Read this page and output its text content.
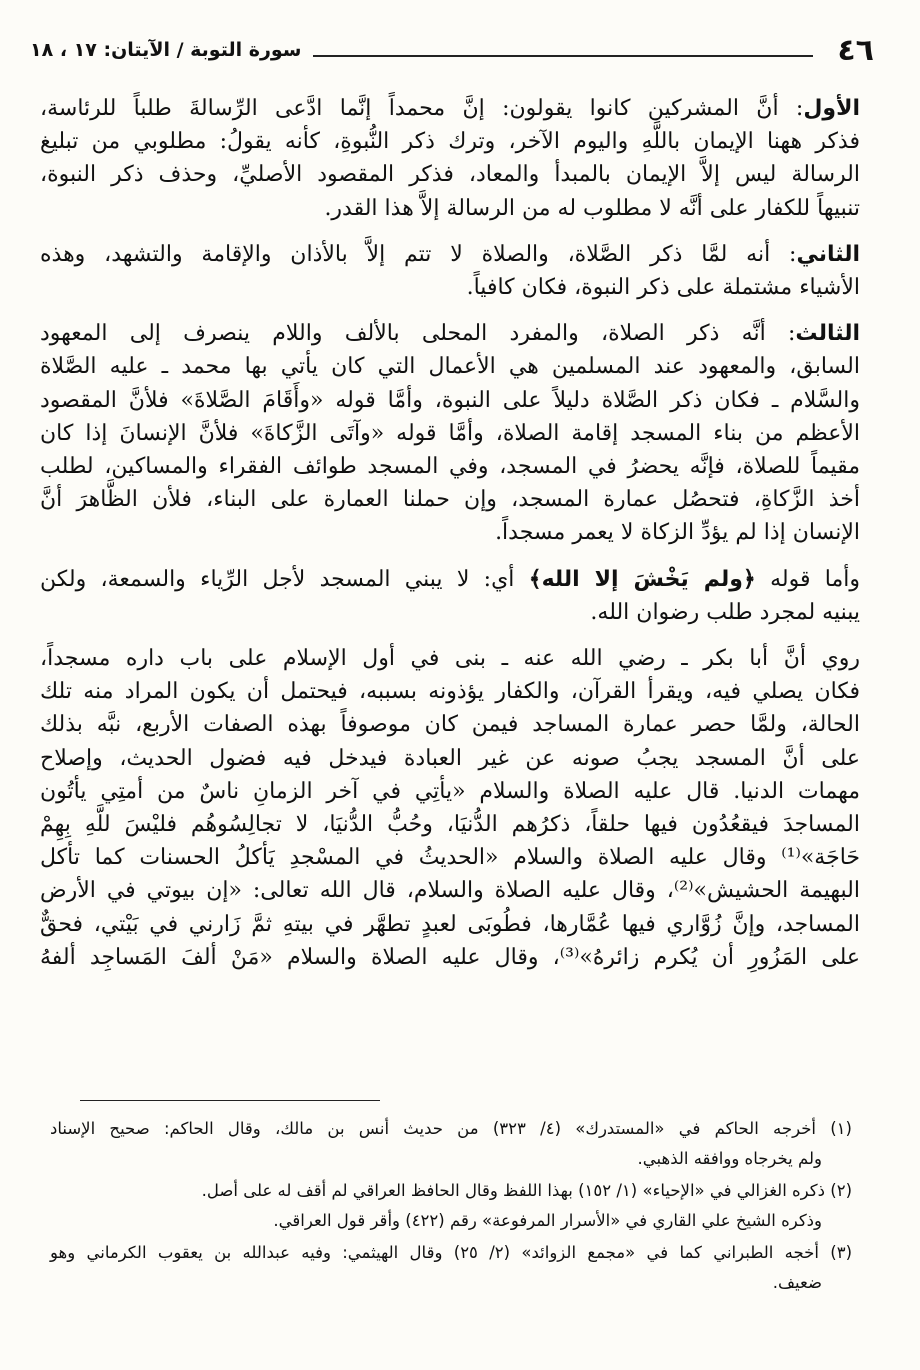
٤٦
سورة التوبة / الآيتان: ١٧ ، ١٨
الأول: أنَّ المشركين كانوا يقولون: إنَّ محمداً إنَّما ادَّعى الرِّسالةَ طلباً للرئاسة،
فذكر ههنا الإيمان باللَّهِ واليوم الآخر، وترك ذكر النُّبوةِ، كأنه يقولُ: مطلوبي من تبليغ
الرسالة ليس إلاَّ الإيمان بالمبدأ والمعاد، فذكر المقصود الأصليِّ، وحذف ذكر النبوة،
تنبيهاً للكفار على أنَّه لا مطلوب له من الرسالة إلاَّ هذا القدر.
الثاني: أنه لمَّا ذكر الصَّلاة، والصلاة لا تتم إلاَّ بالأذان والإقامة والتشهد، وهذه
الأشياء مشتملة على ذكر النبوة، فكان كافياً.
الثالث: أنَّه ذكر الصلاة، والمفرد المحلى بالألف واللام ينصرف إلى المعهود
السابق، والمعهود عند المسلمين هي الأعمال التي كان يأتي بها محمد ـ عليه الصَّلاة
والسَّلام ـ فكان ذكر الصَّلاة دليلاً على النبوة، وأمَّا قوله «وأَقَامَ الصَّلاةَ» فلأنَّ المقصود
الأعظم من بناء المسجد إقامة الصلاة، وأمَّا قوله «وآتَى الزَّكاةَ» فلأنَّ الإنسانَ إذا كان
مقيماً للصلاة، فإنَّه يحضرُ في المسجد، وفي المسجد طوائف الفقراء والمساكين، لطلب
أخذ الزَّكاةِ، فتحصُل عمارة المسجد، وإن حملنا العمارة على البناء، فلأن الظَّاهرَ أنَّ
الإنسان إذا لم يؤدِّ الزكاة لا يعمر مسجداً.
وأما قوله ﴿ولم يَخْشَ إلا الله﴾ أي: لا يبني المسجد لأجل الرِّياء والسمعة، ولكن
يبنيه لمجرد طلب رضوان الله.
روي أنَّ أبا بكر ـ رضي الله عنه ـ بنى في أول الإسلام على باب داره مسجداً،
فكان يصلي فيه، ويقرأ القرآن، والكفار يؤذونه بسببه، فيحتمل أن يكون المراد منه تلك
الحالة، ولمَّا حصر عمارة المساجد فيمن كان موصوفاً بهذه الصفات الأربع، نبَّه بذلك
على أنَّ المسجد يجبُ صونه عن غير العبادة فيدخل فيه فضول الحديث، وإصلاح
مهمات الدنيا. قال عليه الصلاة والسلام «يأتِي في آخر الزمانِ ناسٌ من أمتِي يأتُون
المساجدَ فيقعُدُون فيها حلقاً، ذكرُهم الدُّنيَا، وحُبُّ الدُّنيَا، لا تجالِسُوهُم فليْسَ للَّهِ بِهِمْ
حَاجَة»⁽¹⁾ وقال عليه الصلاة والسلام «الحديثُ في المسْجدِ يَأكلُ الحسنات كما تأكل
البهيمة الحشيش»⁽²⁾، وقال عليه الصلاة والسلام، قال الله تعالى: «إن بيوتي في الأرض
المساجد، وإنَّ زُوَّاري فيها عُمَّارها، فطُوبَى لعبدٍ تطهَّر في بيتهِ ثمَّ زَارني في بَيْتي، فحقٌّ
على المَزُورِ أن يُكرم زائرهُ»⁽³⁾، وقال عليه الصلاة والسلام «مَنْ ألفَ المَساجِد ألفهُ
(١) أخرجه الحاكم في «المستدرك» (٤/ ٣٢٣) من حديث أنس بن مالك، وقال الحاكم: صحيح الإسناد
ولم يخرجاه ووافقه الذهبي.
(٢) ذكره الغزالي في «الإحياء» (١/ ١٥٢) بهذا اللفظ وقال الحافظ العراقي لم أقف له على أصل.
وذكره الشيخ علي القاري في «الأسرار المرفوعة» رقم (٤٢٢) وأقر قول العراقي.
(٣) أخجه الطبراني كما في «مجمع الزوائد» (٢/ ٢٥) وقال الهيثمي: وفيه عبدالله بن يعقوب الكرماني وهو
ضعيف.
